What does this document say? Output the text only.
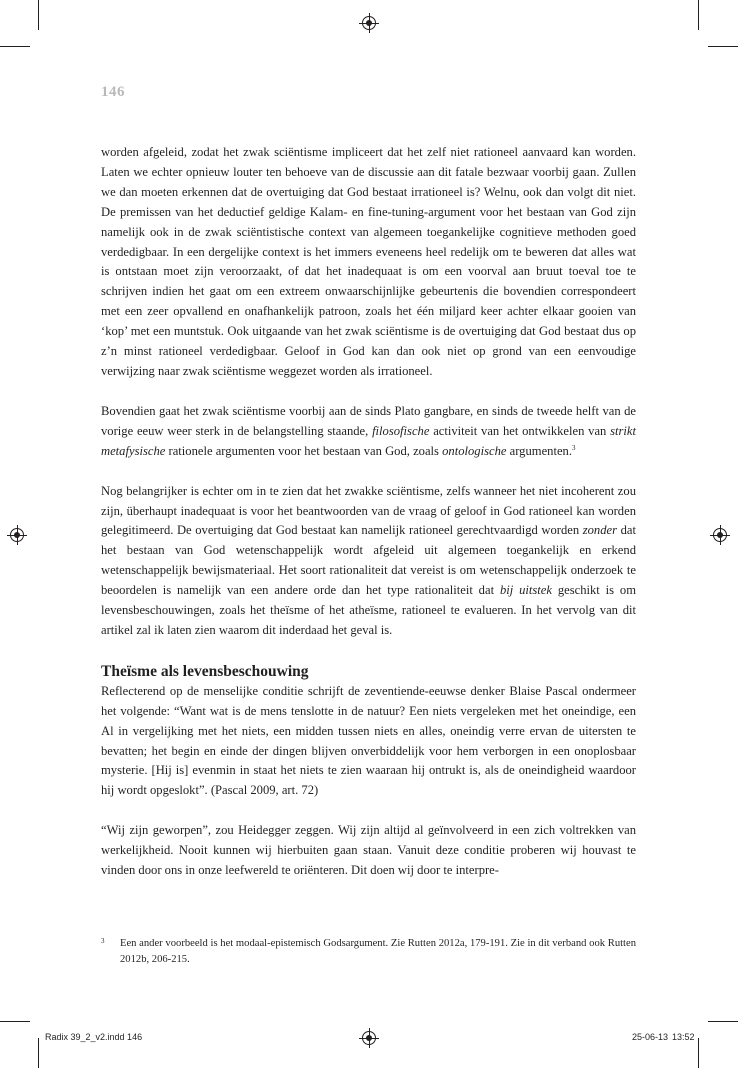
146

worden afgeleid, zodat het zwak sciëntisme impliceert dat het zelf niet rationeel aanvaard kan worden. Laten we echter opnieuw louter ten behoeve van de discussie aan dit fatale bezwaar voorbij gaan. Zullen we dan moeten erkennen dat de overtuiging dat God bestaat irrationeel is? Welnu, ook dan volgt dit niet. De premissen van het deductief geldige Kalam- en fine-tuning-argument voor het bestaan van God zijn namelijk ook in de zwak sciëntistische context van algemeen toegankelijke cognitieve methoden goed verdedigbaar. In een dergelijke context is het immers eveneens heel redelijk om te beweren dat alles wat is ontstaan moet zijn veroorzaakt, of dat het inadequaat is om een voorval aan bruut toeval toe te schrijven indien het gaat om een extreem onwaarschijnlijke gebeurtenis die bovendien correspondeert met een zeer opvallend en onafhankelijk patroon, zoals het één miljard keer achter elkaar gooien van ‘kop’ met een muntstuk. Ook uitgaande van het zwak sciëntisme is de overtuiging dat God bestaat dus op z’n minst rationeel verdedigbaar. Geloof in God kan dan ook niet op grond van een eenvoudige verwijzing naar zwak sciëntisme weggezet worden als irrationeel.

Bovendien gaat het zwak sciëntisme voorbij aan de sinds Plato gangbare, en sinds de tweede helft van de vorige eeuw weer sterk in de belangstelling staande, filosofische activiteit van het ontwikkelen van strikt metafysische rationele argumenten voor het bestaan van God, zoals ontologische argumenten.$^3$

Nog belangrijker is echter om in te zien dat het zwakke sciëntisme, zelfs wanneer het niet incoherent zou zijn, überhaupt inadequaat is voor het beantwoorden van de vraag of geloof in God rationeel kan worden gelegitimeerd. De overtuiging dat God bestaat kan namelijk rationeel gerechtvaardigd worden zonder dat het bestaan van God wetenschappelijk wordt afgeleid uit algemeen toegankelijk en erkend wetenschappelijk bewijsmateriaal. Het soort rationaliteit dat vereist is om wetenschappelijk onderzoek te beoordelen is namelijk van een andere orde dan het type rationaliteit dat bij uitstek geschikt is om levensbeschouwingen, zoals het theïsme of het atheïsme, rationeel te evalueren. In het vervolg van dit artikel zal ik laten zien waarom dit inderdaad het geval is.

Theïsme als levensbeschouwing

Reflecterend op de menselijke conditie schrijft de zeventiende-eeuwse denker Blaise Pascal ondermeer het volgende: “Want wat is de mens tenslotte in de natuur? Een niets vergeleken met het oneindige, een Al in vergelijking met het niets, een midden tussen niets en alles, oneindig verre ervan de uitersten te bevatten; het begin en einde der dingen blijven onverbiddelijk voor hem verborgen in een onoplosbaar mysterie. [Hij is] evenmin in staat het niets te zien waaraan hij ontrukt is, als de oneindigheid waardoor hij wordt opgeslokt”. (Pascal 2009, art. 72)

“Wij zijn geworpen”, zou Heidegger zeggen. Wij zijn altijd al geïnvolveerd in een zich voltrekken van werkelijkheid. Nooit kunnen wij hierbuiten gaan staan. Vanuit deze conditie proberen wij houvast te vinden door ons in onze leefwereld te oriënteren. Dit doen wij door te interpre-

3 Een ander voorbeeld is het modaal-epistemisch Godsargument. Zie Rutten 2012a, 179-191. Zie in dit verband ook Rutten 2012b, 206-215.
Radix 39_2_v2.indd 146	25-06-13 13:52
